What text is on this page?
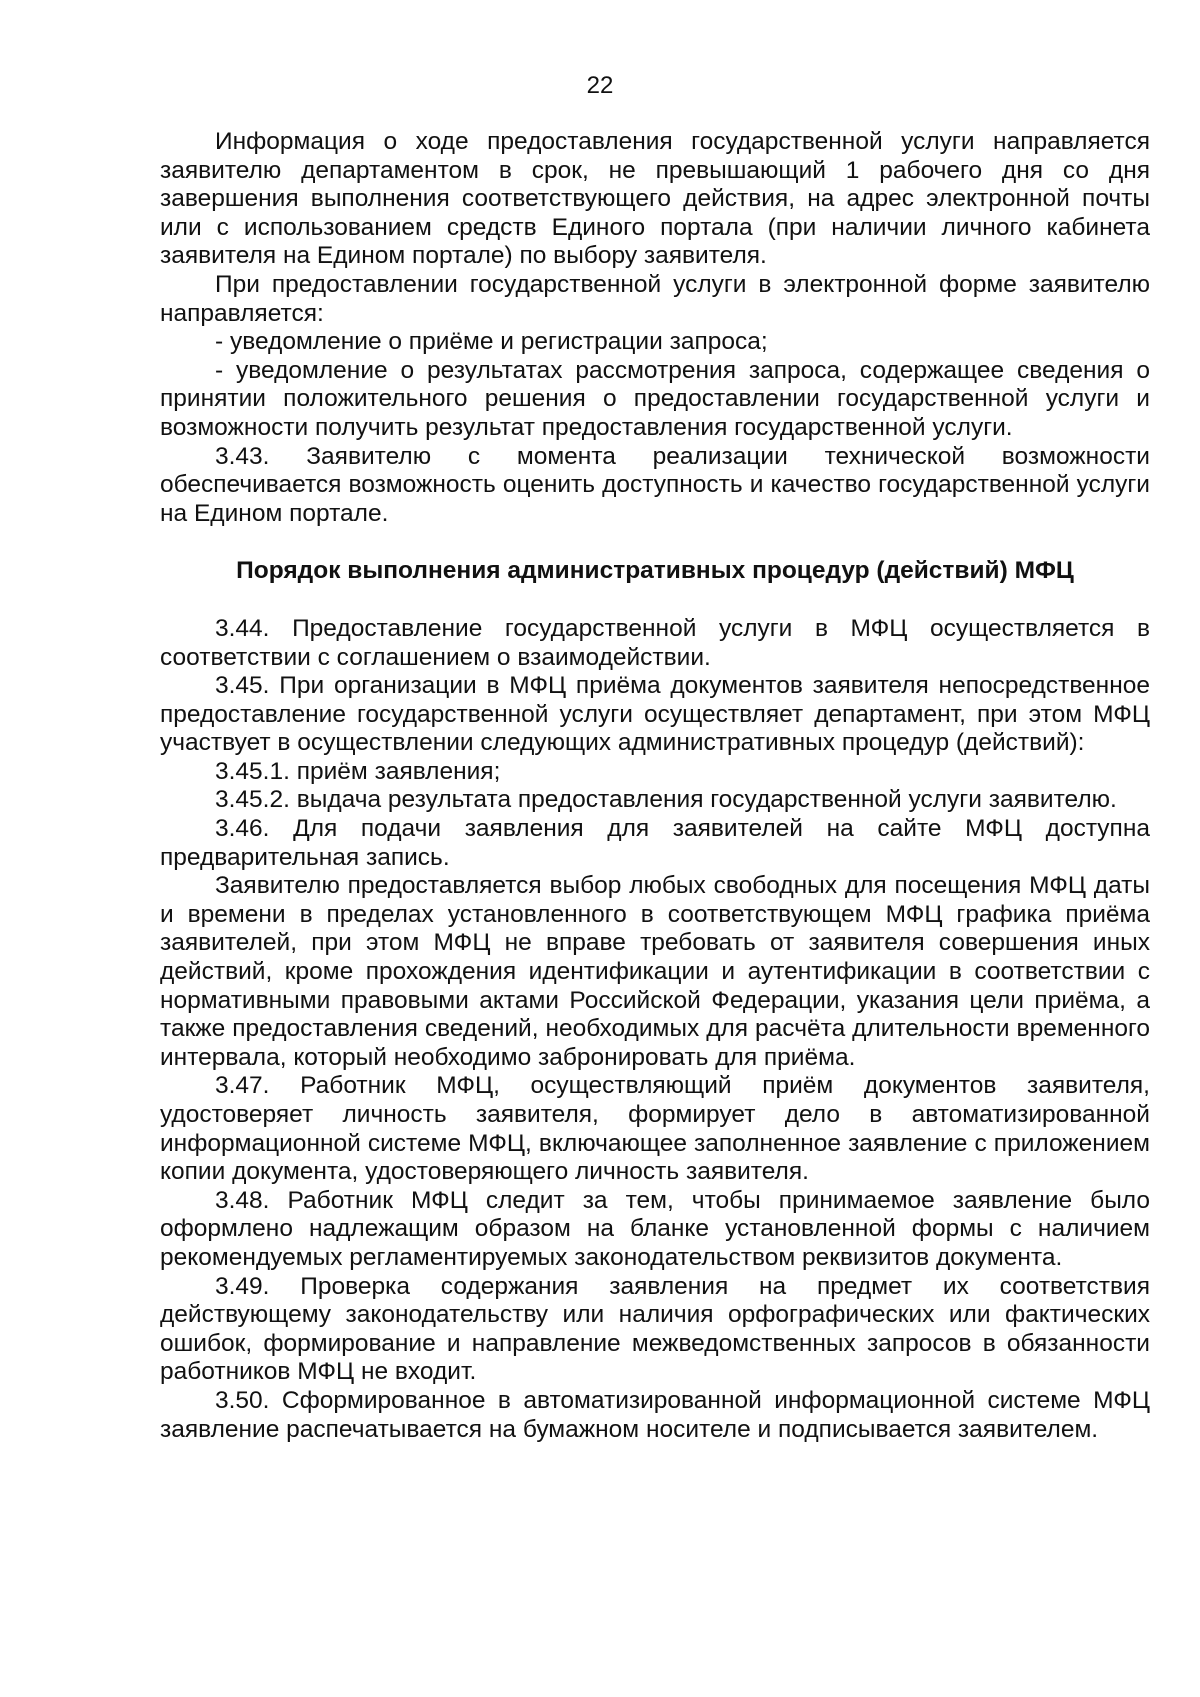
22

Информация о ходе предоставления государственной услуги направляется заявителю департаментом в срок, не превышающий 1 рабочего дня со дня завершения выполнения соответствующего действия, на адрес электронной почты или с использованием средств Единого портала (при наличии личного кабинета заявителя на Едином портале) по выбору заявителя.

При предоставлении государственной услуги в электронной форме заявителю направляется:

- уведомление о приёме и регистрации запроса;

- уведомление о результатах рассмотрения запроса, содержащее сведения о принятии положительного решения о предоставлении государственной услуги и возможности получить результат предоставления государственной услуги.

3.43. Заявителю с момента реализации технической возможности обеспечивается возможность оценить доступность и качество государственной услуги на Едином портале.

Порядок выполнения административных процедур (действий) МФЦ

3.44. Предоставление государственной услуги в МФЦ осуществляется в соответствии с соглашением о взаимодействии.

3.45. При организации в МФЦ приёма документов заявителя непосредственное предоставление государственной услуги осуществляет департамент, при этом МФЦ участвует в осуществлении следующих административных процедур (действий):

3.45.1. приём заявления;

3.45.2. выдача результата предоставления государственной услуги заявителю.

3.46. Для подачи заявления для заявителей на сайте МФЦ доступна предварительная запись.

Заявителю предоставляется выбор любых свободных для посещения МФЦ даты и времени в пределах установленного в соответствующем МФЦ графика приёма заявителей, при этом МФЦ не вправе требовать от заявителя совершения иных действий, кроме прохождения идентификации и аутентификации в соответствии с нормативными правовыми актами Российской Федерации, указания цели приёма, а также предоставления сведений, необходимых для расчёта длительности временного интервала, который необходимо забронировать для приёма.

3.47. Работник МФЦ, осуществляющий приём документов заявителя, удостоверяет личность заявителя, формирует дело в автоматизированной информационной системе МФЦ, включающее заполненное заявление с приложением копии документа, удостоверяющего личность заявителя.

3.48. Работник МФЦ следит за тем, чтобы принимаемое заявление было оформлено надлежащим образом на бланке установленной формы с наличием рекомендуемых регламентируемых законодательством реквизитов документа.

3.49. Проверка содержания заявления на предмет их соответствия действующему законодательству или наличия орфографических или фактических ошибок, формирование и направление межведомственных запросов в обязанности работников МФЦ не входит.

3.50. Сформированное в автоматизированной информационной системе МФЦ заявление распечатывается на бумажном носителе и подписывается заявителем.
